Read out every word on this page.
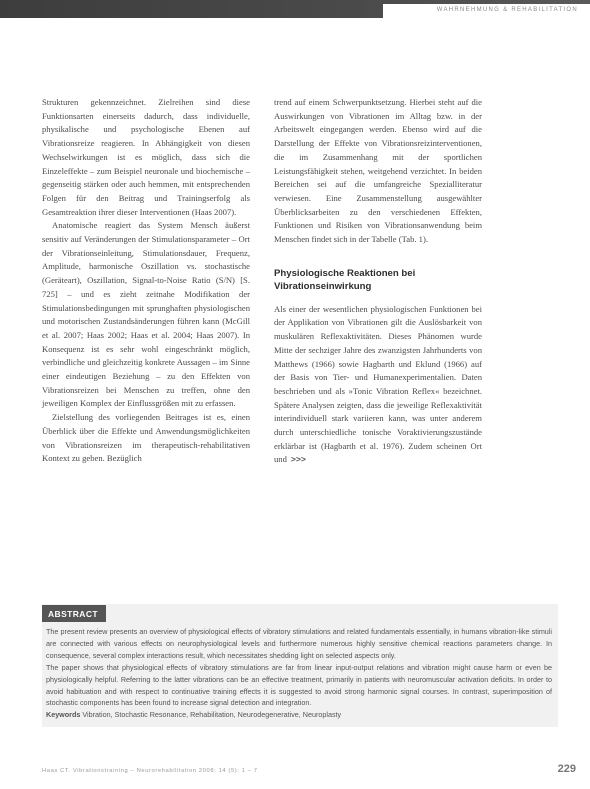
WAHRNEHMUNG & REHABILITATION

Strukturen gekennzeichnet. Zielreihen sind diese Funktionsarten einerseits dadurch, dass individuelle, physikalische und psychologische Ebenen auf Vibrationsreize reagieren. In Abhängigkeit von diesen Wechselwirkungen ist es möglich, dass sich die Einzeleffekte – zum Beispiel neuronale und biochemische – gegenseitig stärken oder auch hemmen, mit entsprechenden Folgen für den Beitrag und Trainingserfolg als Gesamtreaktion ihrer dieser Interventionen (Haas 2007).

Anatomische reagiert das System Mensch äußerst sensitiv auf Veränderungen der Stimulationsparameter – Ort der Vibrationseinleitung, Stimulationsdauer, Frequenz, Amplitude, harmonische Oszillation vs. stochastische (Geräteart), Oszillation, Signal-to-Noise Ratio (S/N) [S. 725] – und es zieht zeitnahe Modifikation der Stimulationsbedingungen mit sprunghaften physiologischen und motorischen Zustandsänderungen führen kann (McGill et al. 2007; Haas 2002; Haas et al. 2004; Haas 2007). In Konsequenz ist es sehr wohl eingeschränkt möglich, verbindliche und gleichzeitig konkrete Aussagen – im Sinne einer eindeutigen Beziehung – zu den Effekten von Vibrationsreizen bei Menschen zu treffen, ohne den jeweiligen Komplex der Einflussgrößen mit zu erfassen.

Zielstellung des vorliegenden Beitrages ist es, einen Überblick über die Effekte und Anwendungsmöglichkeiten von Vibrationsreizen im therapeutisch-rehabilitativen Kontext zu geben. Bezüglich

trend auf einem Schwerpunktsetzung. Hierbei steht auf die Auswirkungen von Vibrationen im Alltag bzw. in der Arbeitswelt eingegangen werden. Ebenso wird auf die Darstellung der Effekte von Vibrationsreizinterventionen, die im Zusammenhang mit der sportlichen Leistungsfähigkeit stehen, weitgehend verzichtet. In beiden Bereichen sei auf die umfangreiche Spezialliteratur verwiesen. Eine Zusammenstellung ausgewählter Überblicksarbeiten zu den verschiedenen Effekten, Funktionen und Risiken von Vibrationsanwendung beim Menschen findet sich in der Tabelle (Tab. 1).

Physiologische Reaktionen bei Vibrationseinwirkung

Als einer der wesentlichen physiologischen Funktionen bei der Applikation von Vibrationen gilt die Auslösbarkeit von muskulären Reflexaktivitäten. Dieses Phänomen wurde Mitte der sechziger Jahre des zwanzigsten Jahrhunderts von Matthews (1966) sowie Hagbarth und Eklund (1966) auf der Basis von Tier- und Humanexperimentalien. Daten beschrieben und als »Tonic Vibration Reflex« bezeichnet. Spätere Analysen zeigten, dass die jeweilige Reflexaktivität interindividuell stark variieren kann, was unter anderem durch unterschiedliche tonische Voraktivierungszustände erklärbar ist (Hagbarth et al. 1976). Zudem scheinen Ort und >>>

ABSTRACT

The present review presents an overview of physiological effects of vibratory stimulations and related fundamentals essentially, in humans vibration-like stimuli are connected with various effects on neurophysiological levels and furthermore numerous highly sensitive chemical reactions parameters change. In consequence, several complex interactions result, which necessitates shedding light on selected aspects only.

The paper shows that physiological effects of vibratory stimulations are far from linear input-output relations and vibration might cause harm or even be physiologically helpful. Referring to the latter vibrations can be an effective treatment, primarily in patients with neuromuscular activation deficits. In order to avoid habituation and with respect to continuative training effects it is suggested to avoid strong harmonic signal courses. In contrast, superimposition of stochastic components has been found to increase signal detection and integration.

Keywords Vibration, Stochastic Resonance, Rehabilitation, Neurodegenerative, Neuroplasty

Haas CT. Vibrationstraining – Neurorehabilitation 2008; 14 (5): 1 – 7	229
